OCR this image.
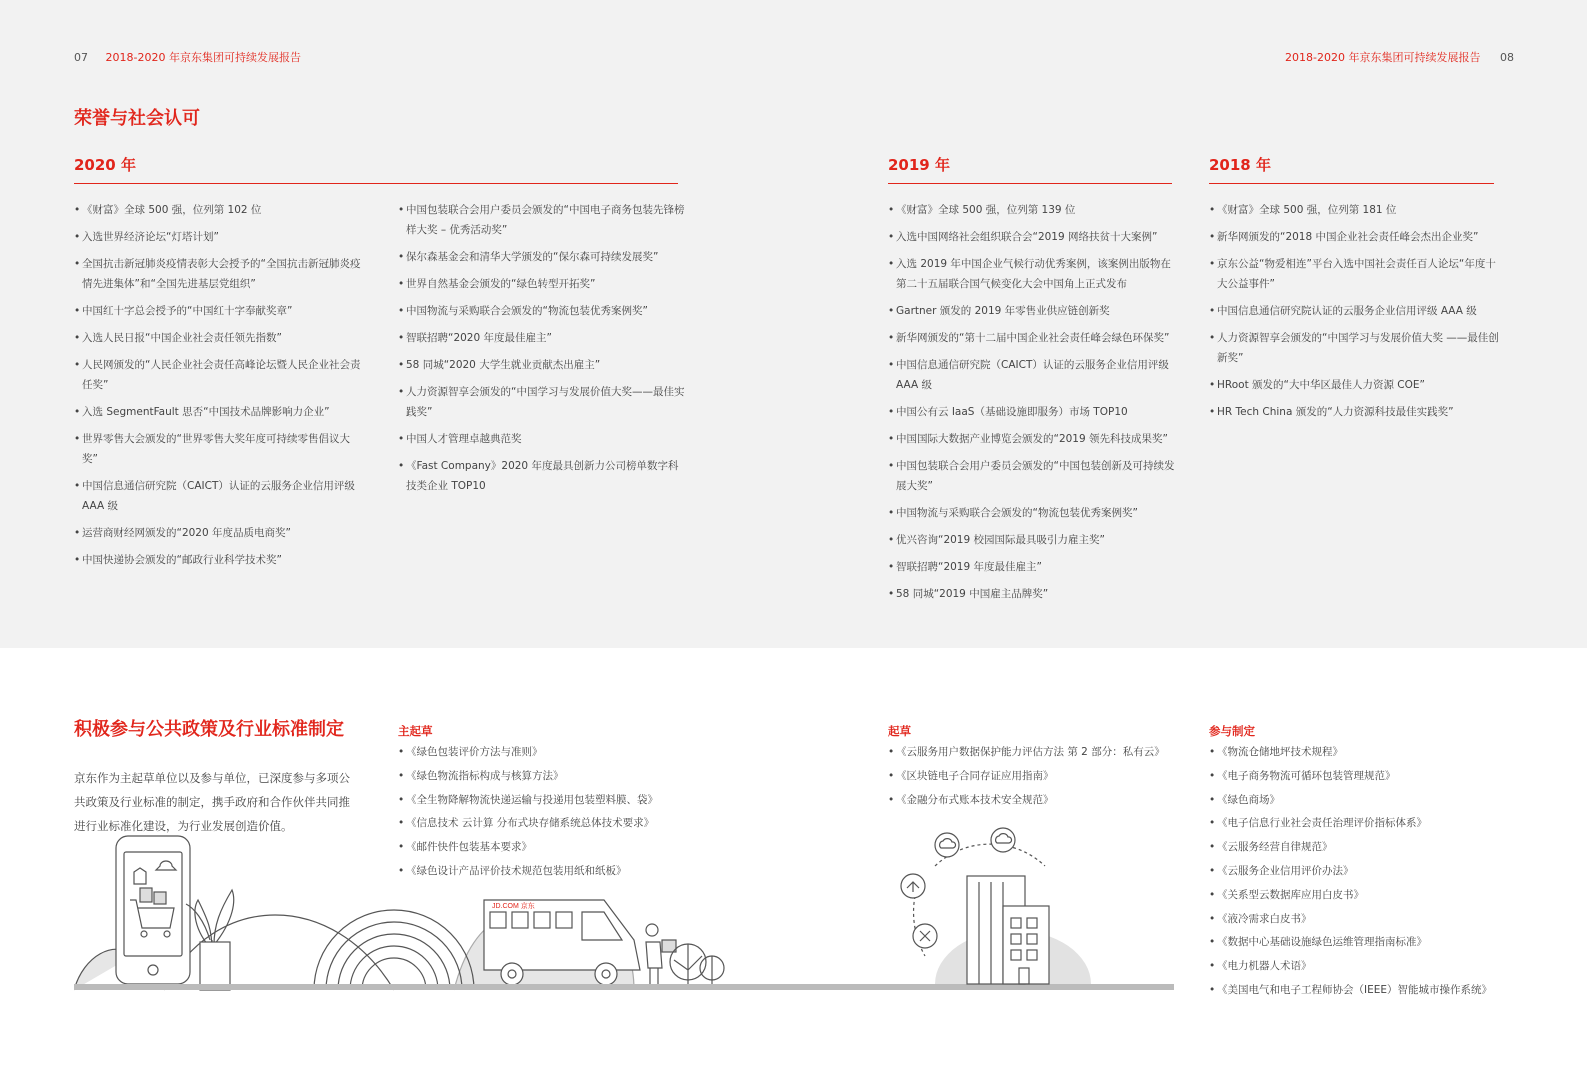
07 2018-2020 年京东集团可持续发展报告	2018-2020 年京东集团可持续发展报告 08
荣誉与社会认可
2020 年	2019 年	2018 年
• 《财富》全球 500 强，位列第 102 位
• 入选世界经济论坛“灯塔计划”
• 全国抗击新冠肺炎疫情表彰大会授予的“全国抗击新冠肺炎疫情先进集体”和“全国先进基层党组织”
• 中国红十字总会授予的“中国红十字奉献奖章”
• 入选人民日报“中国企业社会责任领先指数”
• 人民网颁发的“人民企业社会责任高峰论坛暨人民企业社会责任奖”
• 入选 SegmentFault 思否“中国技术品牌影响力企业”
• 世界零售大会颁发的“世界零售大奖年度可持续零售倡议大奖”
• 中国信息通信研究院（CAICT）认证的云服务企业信用评级 AAA 级
• 运营商财经网颁发的“2020 年度品质电商奖”
• 中国快递协会颁发的“邮政行业科学技术奖”
• 中国包装联合会用户委员会颁发的“中国电子商务包装先锋榜样大奖 – 优秀活动奖”
• 保尔森基金会和清华大学颁发的“保尔森可持续发展奖”
• 世界自然基金会颁发的“绿色转型开拓奖”
• 中国物流与采购联合会颁发的“物流包装优秀案例奖”
• 智联招聘“2020 年度最佳雇主”
• 58 同城“2020 大学生就业贡献杰出雇主”
• 人力资源智享会颁发的“中国学习与发展价值大奖——最佳实践奖”
• 中国人才管理卓越典范奖
• 《Fast Company》2020 年度最具创新力公司榜单数字科技类企业 TOP10
• 《财富》全球 500 强，位列第 139 位
• 入选中国网络社会组织联合会“2019 网络扶贫十大案例”
• 入选 2019 年中国企业气候行动优秀案例，该案例出版物在第二十五届联合国气候变化大会中国角上正式发布
• Gartner 颁发的 2019 年零售业供应链创新奖
• 新华网颁发的“第十二届中国企业社会责任峰会绿色环保奖”
• 中国信息通信研究院（CAICT）认证的云服务企业信用评级 AAA 级
• 中国公有云 IaaS（基础设施即服务）市场 TOP10
• 中国国际大数据产业博览会颁发的“2019 领先科技成果奖”
• 中国包装联合会用户委员会颁发的“中国包装创新及可持续发展大奖”
• 中国物流与采购联合会颁发的“物流包装优秀案例奖”
• 优兴咨询“2019 校园国际最具吸引力雇主奖”
• 智联招聘“2019 年度最佳雇主”
• 58 同城“2019 中国雇主品牌奖”
• 《财富》全球 500 强，位列第 181 位
• 新华网颁发的“2018 中国企业社会责任峰会杰出企业奖”
• 京东公益“物爱相连”平台入选中国社会责任百人论坛“年度十大公益事件”
• 中国信息通信研究院认证的云服务企业信用评级 AAA 级
• 人力资源智享会颁发的“中国学习与发展价值大奖 ——最佳创新奖”
• HRoot 颁发的“大中华区最佳人力资源 COE”
• HR Tech China 颁发的“人力资源科技最佳实践奖”
积极参与公共政策及行业标准制定
京东作为主起草单位以及参与单位，已深度参与多项公共政策及行业标准的制定，携手政府和合作伙伴共同推进行业标准化建设，为行业发展创造价值。
主起草
• 《绿色包装评价方法与准则》
• 《绿色物流指标构成与核算方法》
• 《全生物降解物流快递运输与投递用包装塑料膜、袋》
• 《信息技术 云计算 分布式块存储系统总体技术要求》
• 《邮件快件包装基本要求》
• 《绿色设计产品评价技术规范包装用纸和纸板》
起草
• 《云服务用户数据保护能力评估方法 第 2 部分：私有云》
• 《区块链电子合同存证应用指南》
• 《金融分布式账本技术安全规范》
参与制定
• 《物流仓储地坪技术规程》
• 《电子商务物流可循环包装管理规范》
• 《绿色商场》
• 《电子信息行业社会责任治理评价指标体系》
• 《云服务经营自律规范》
• 《云服务企业信用评价办法》
• 《关系型云数据库应用白皮书》
• 《液冷需求白皮书》
• 《数据中心基础设施绿色运维管理指南标准》
• 《电力机器人术语》
• 《美国电气和电子工程师协会（IEEE）智能城市操作系统》
JD.COM 京东
